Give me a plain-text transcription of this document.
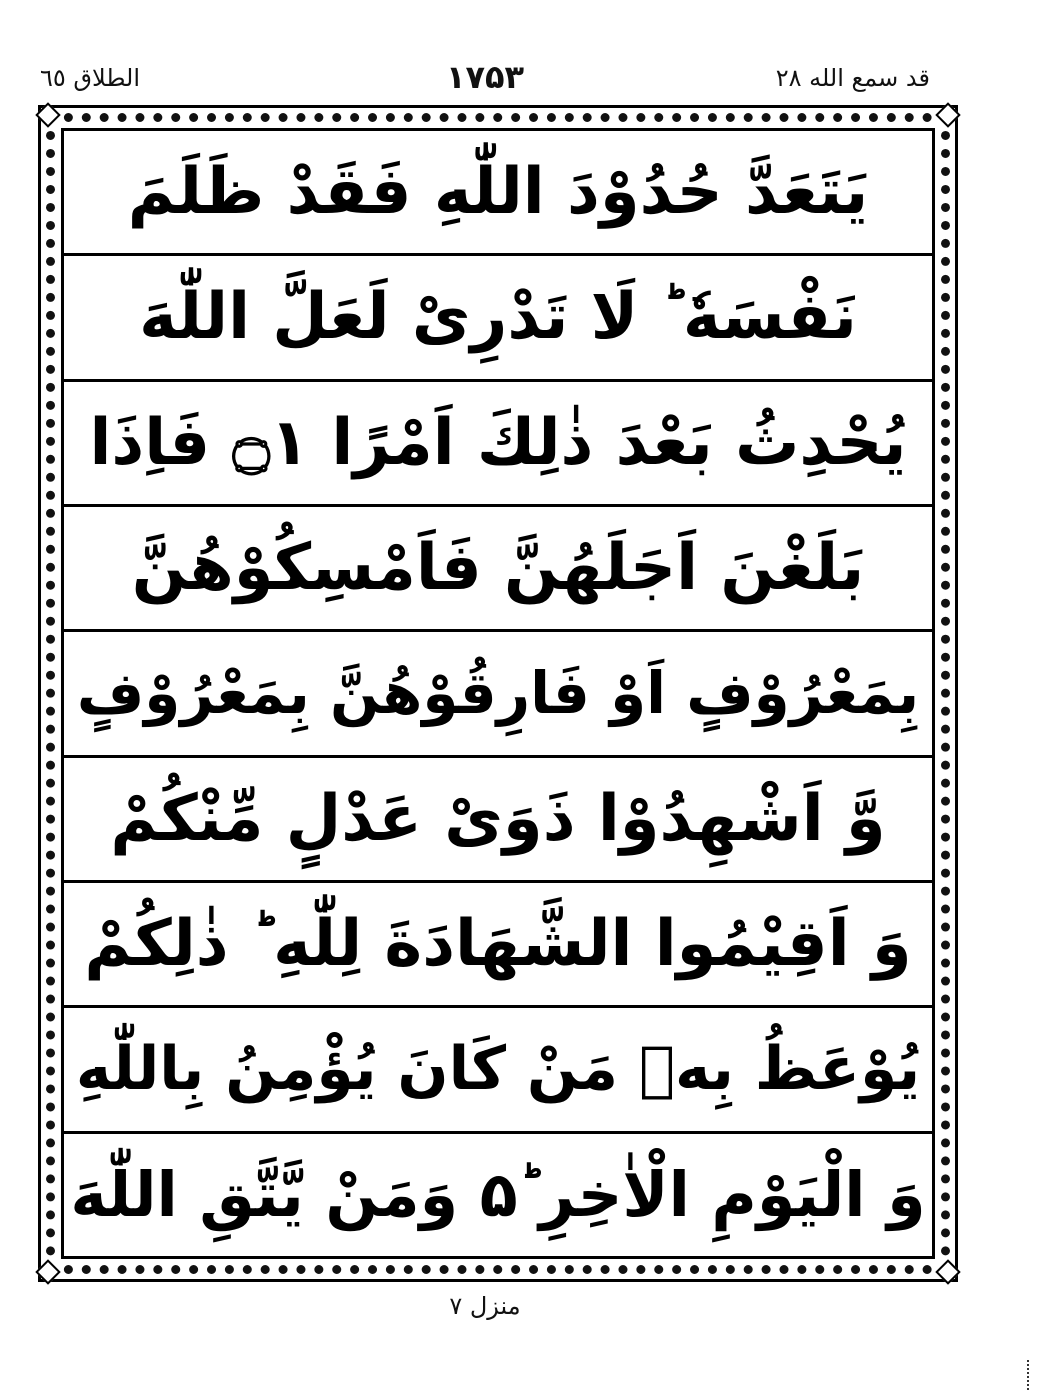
الطلاق ٦٥	۱۷۵۳	قد سمع الله ٢٨
يَتَعَدَّ حُدُوْدَ اللّٰهِ فَقَدْ ظَلَمَ
نَفْسَهٗ ؕ لَا تَدْرِیْ لَعَلَّ اللّٰهَ
يُحْدِثُ بَعْدَ ذٰلِكَ اَمْرًا ۝١ فَاِذَا
بَلَغْنَ اَجَلَهُنَّ فَاَمْسِكُوْهُنَّ
بِمَعْرُوْفٍ اَوْ فَارِقُوْهُنَّ بِمَعْرُوْفٍ
وَّ اَشْهِدُوْا ذَوَیْ عَدْلٍ مِّنْكُمْ
وَ اَقِيْمُوا الشَّهَادَةَ لِلّٰهِ ؕ ذٰلِكُمْ
يُوْعَظُ بِهٖ مَنْ كَانَ يُؤْمِنُ بِاللّٰهِ
وَ الْيَوْمِ الْاٰخِرِ ۵ؕ وَمَنْ يَّتَّقِ اللّٰهَ
منزل ٧
